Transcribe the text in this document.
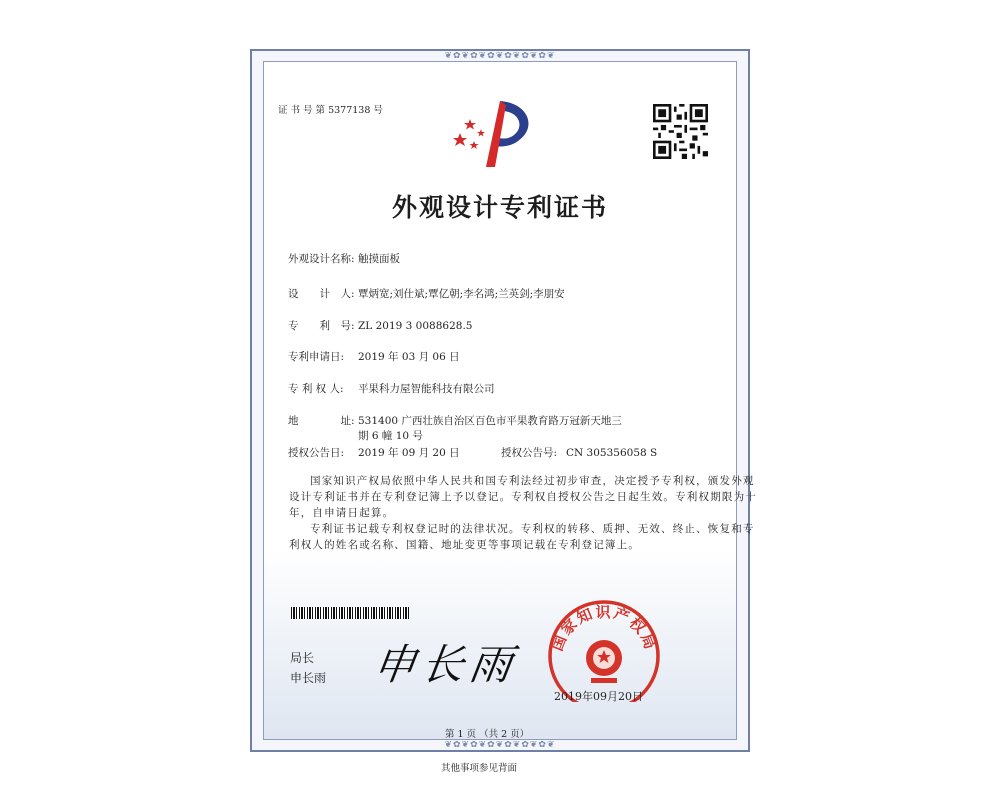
❦✿❦✿❦✿❦✿❦✿❦✿❦
❦✿❦✿❦✿❦✿❦✿❦✿❦
证 书 号 第 5377138 号
外观设计专利证书
外观设计名称: 触摸面板
设　　计　人: 覃炳宽;刘仕斌;覃亿朝;李名鸿;兰英剑;李朋安
专　　利　号: ZL 2019 3 0088628.5
专利申请日: 2019 年 03 月 06 日
专 利 权 人: 平果科力屋智能科技有限公司
地　　　　址: 531400 广西壮族自治区百色市平果教育路万冠新天地三
期 6 幢 10 号
授权公告日: 2019 年 09 月 20 日	授权公告号: CN 305356058 S
国家知识产权局依照中华人民共和国专利法经过初步审查，决定授予专利权，颁发外观
设计专利证书并在专利登记簿上予以登记。专利权自授权公告之日起生效。专利权期限为十
年，自申请日起算。
专利证书记载专利权登记时的法律状况。专利权的转移、质押、无效、终止、恢复和专
利权人的姓名或名称、国籍、地址变更等事项记载在专利登记簿上。
局长
申长雨 申长雨 国家知识产权局
2019年09月20日
第 1 页 （共 2 页）
其他事项参见背面
